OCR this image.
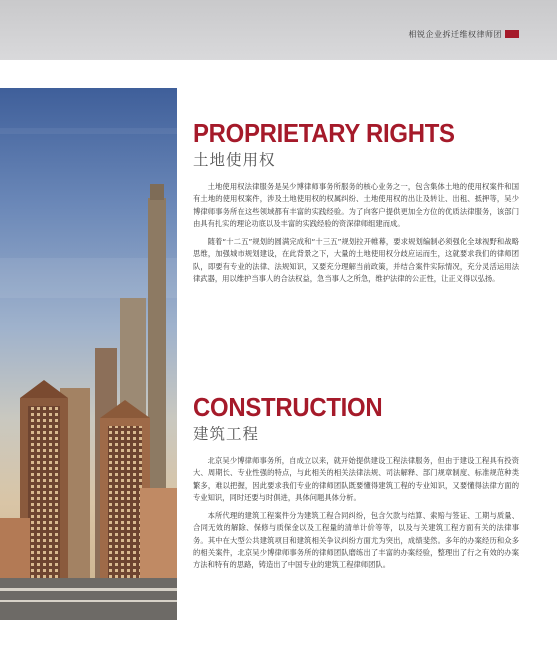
相锐企业拆迁维权律师团
PROPRIETARY RIGHTS
土地使用权

土地使用权法律服务是吴少博律师事务所服务的核心业务之一，包含集体土地的使用权案件和国有土地的使用权案件，涉及土地使用权的权属纠纷、土地使用权的出让及转让、出租、抵押等，吴少博律师事务所在这些领域都有丰富的实践经验。为了向客户提供更加全方位的优质法律服务，该部门由具有扎实的理论功底以及丰富的实践经验的资深律师组建而成。

随着“十二五”规划的圆满完成和“十三五”规划拉开帷幕，要求规划编制必须强化全球视野和战略思维，加强城市规划建设，在此背景之下，大量的土地使用权分歧应运而生，这就要求我们的律师团队，即要有专业的法律、法规知识，又要充分理解当前政策，并结合案件实际情况，充分灵活运用法律武器，用以维护当事人的合法权益，急当事人之所急，维护法律的公正性，让正义得以弘扬。

CONSTRUCTION
建筑工程

北京吴少博律师事务所，自成立以来，就开始提供建设工程法律服务，但由于建设工程具有投资大、周期长、专业性强的特点，与此相关的相关法律法规、司法解释、部门规章制度、标准规范种类繁多，难以把握，因此要求我们专业的律师团队既要懂得建筑工程的专业知识，又要懂得法律方面的专业知识，同时还要与时俱进，具体问题具体分析。

本所代理的建筑工程案件分为建筑工程合同纠纷，包含欠款与结算、索赔与签证、工期与质量、合同无效的解除、保修与质保金以及工程量的清单计价等等，以及与关建筑工程方面有关的法律事务。其中在大型公共建筑项目和建筑相关争议纠纷方面尤为突出，成绩斐然。多年的办案经历和众多的相关案件，北京吴少博律师事务所的律师团队磨练出了丰富的办案经验，整理出了行之有效的办案方法和特有的思路，铸造出了中国专业的建筑工程律师团队。
